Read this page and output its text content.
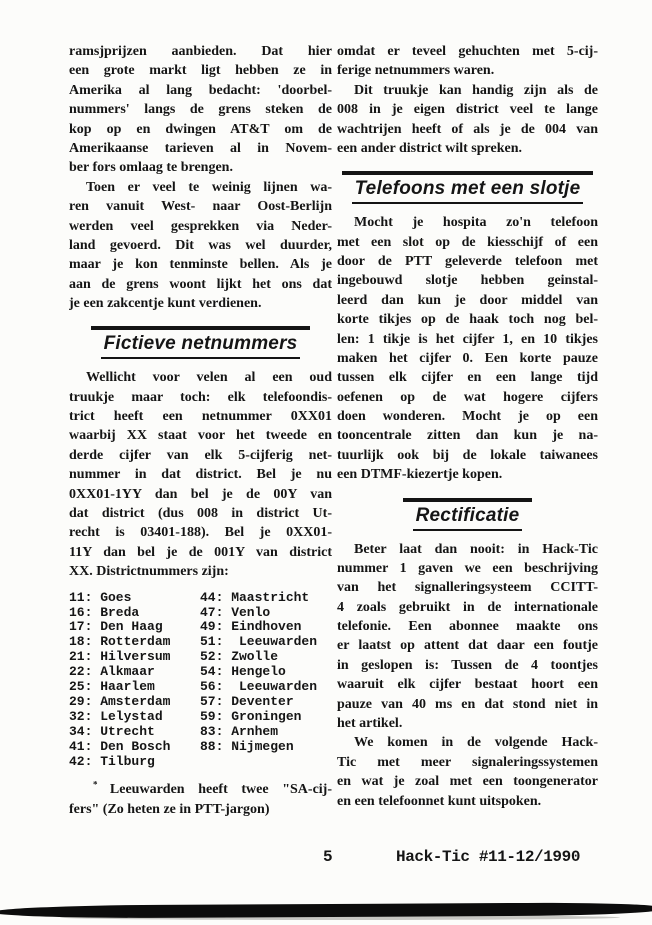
ramsjprijzen aanbieden. Dat hier
een grote markt ligt hebben ze in
Amerika al lang bedacht: 'doorbel-
nummers' langs de grens steken de
kop op en dwingen AT&T om de
Amerikaanse tarieven al in Novem-
ber fors omlaag te brengen.
Toen er veel te weinig lijnen wa-
ren vanuit West- naar Oost-Berlijn
werden veel gesprekken via Neder-
land gevoerd. Dit was wel duurder,
maar je kon tenminste bellen. Als je
aan de grens woont lijkt het ons dat
je een zakcentje kunt verdienen.
Fictieve netnummers
Wellicht voor velen al een oud
truukje maar toch: elk telefoondis-
trict heeft een netnummer 0XX01
waarbij XX staat voor het tweede en
derde cijfer van elk 5-cijferig net-
nummer in dat district. Bel je nu
0XX01-1YY dan bel je de 00Y van
dat district (dus 008 in district Ut-
recht is 03401-188). Bel je 0XX01-
11Y dan bel je de 001Y van district
XX. Districtnummers zijn:
11: Goes	44: Maastricht
16: Breda	47: Venlo
17: Den Haag	49: Eindhoven
18: Rotterdam 51:  Leeuwarden
21: Hilversum 52: Zwolle
22: Alkmaar	54: Hengelo
25: Haarlem	56:  Leeuwarden
29: Amsterdam 57: Deventer
32: Lelystad	59: Groningen
34: Utrecht	83: Arnhem
41: Den Bosch 88: Nijmegen
42: Tilburg
* Leeuwarden heeft twee "SA-cij-
fers" (Zo heten ze in PTT-jargon)
omdat er teveel gehuchten met 5-cij-
ferige netnummers waren.
Dit truukje kan handig zijn als de
008 in je eigen district veel te lange
wachtrijen heeft of als je de 004 van
een ander district wilt spreken.
Telefoons met een slotje
Mocht je hospita zo'n telefoon
met een slot op de kiesschijf of een
door de PTT geleverde telefoon met
ingebouwd slotje hebben geinstal-
leerd dan kun je door middel van
korte tikjes op de haak toch nog bel-
len: 1 tikje is het cijfer 1, en 10 tikjes
maken het cijfer 0. Een korte pauze
tussen elk cijfer en een lange tijd
oefenen op de wat hogere cijfers
doen wonderen. Mocht je op een
tooncentrale zitten dan kun je na-
tuurlijk ook bij de lokale taiwanees
een DTMF-kiezertje kopen.
Rectificatie
Beter laat dan nooit: in Hack-Tic
nummer 1 gaven we een beschrijving
van het signalleringsysteem CCITT-
4 zoals gebruikt in de internationale
telefonie. Een abonnee maakte ons
er laatst op attent dat daar een foutje
in geslopen is: Tussen de 4 toontjes
waaruit elk cijfer bestaat hoort een
pauze van 40 ms en dat stond niet in
het artikel.
We komen in de volgende Hack-
Tic met meer signaleringssystemen
en wat je zoal met een toongenerator
en een telefoonnet kunt uitspoken.
5	Hack-Tic #11-12/1990
